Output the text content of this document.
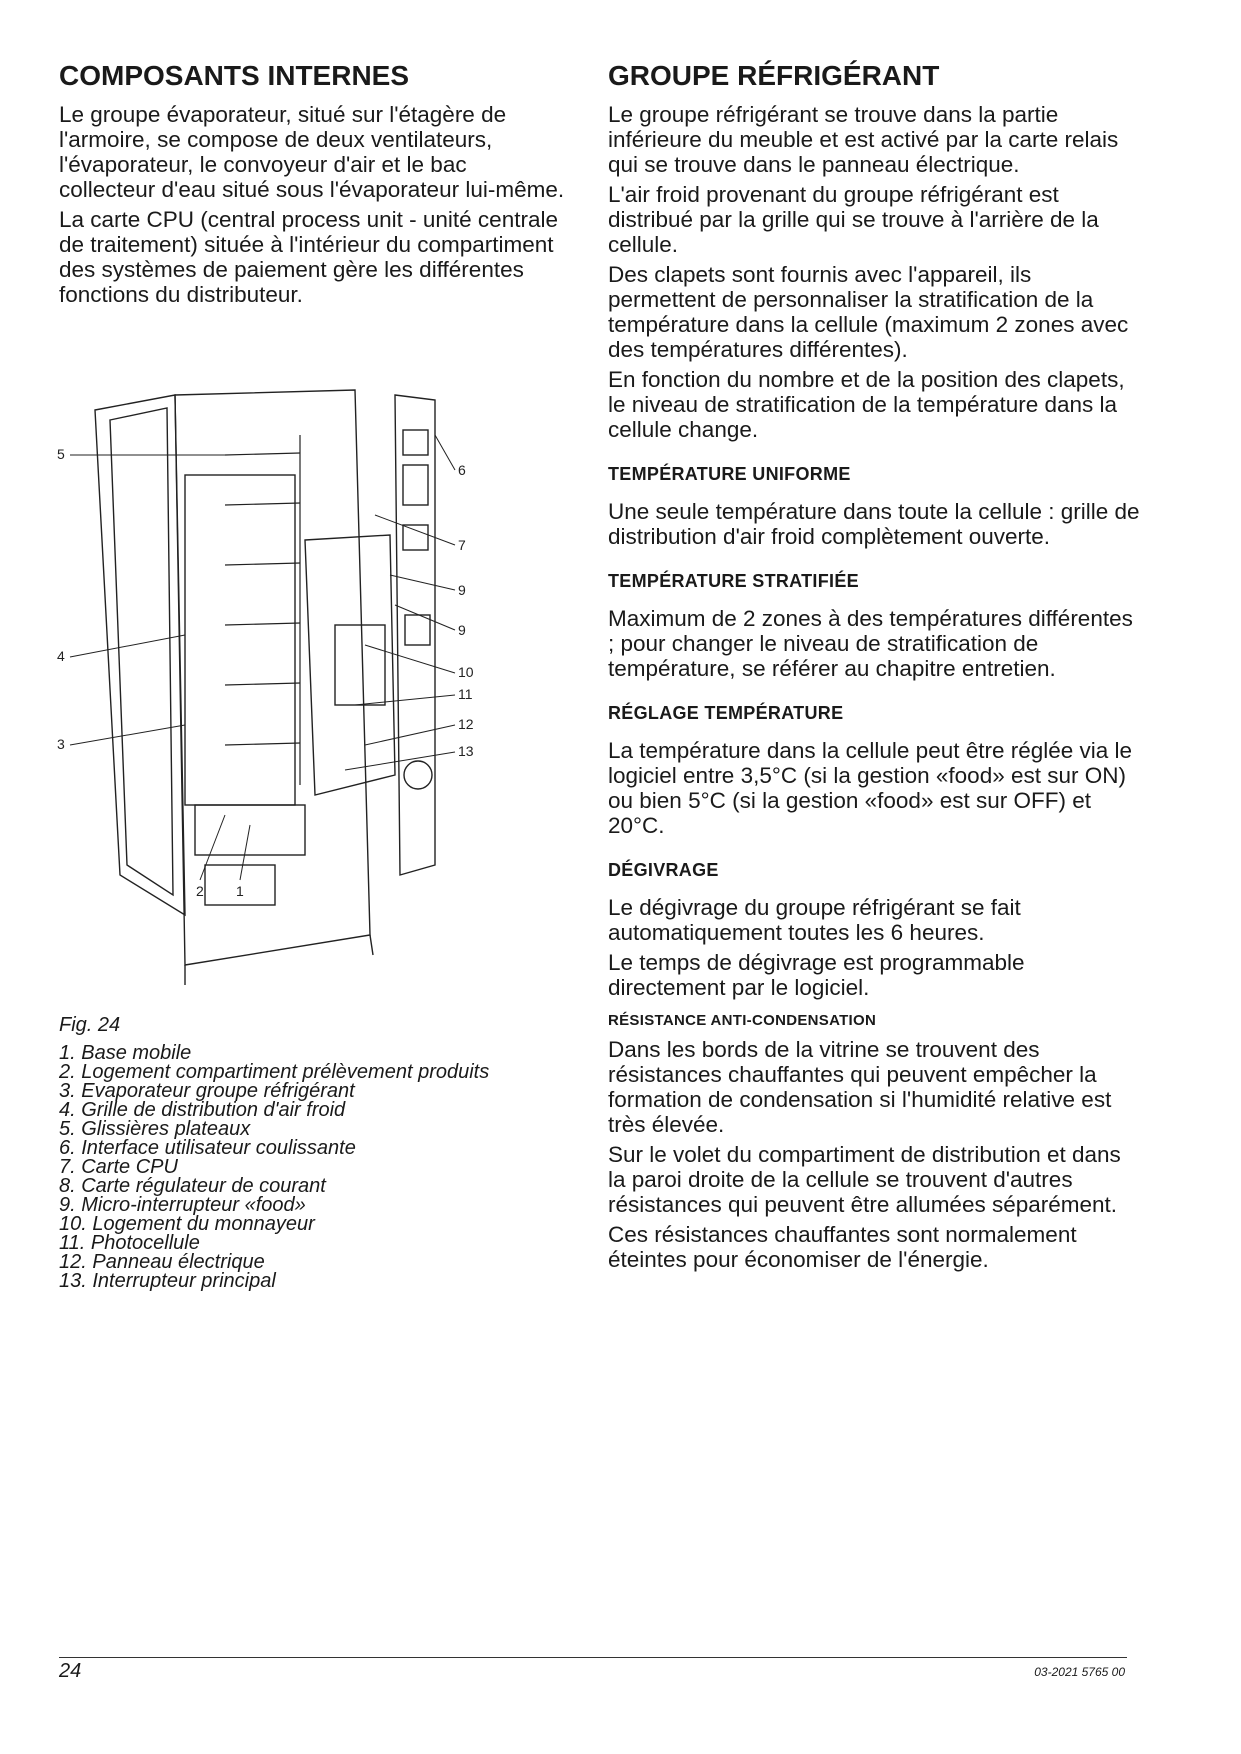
COMPOSANTS INTERNES

Le groupe évaporateur, situé sur l'étagère de l'armoire, se compose de deux ventilateurs, l'évaporateur, le convoyeur d'air et le bac collecteur d'eau situé sous l'évaporateur lui-même.

La carte CPU (central process unit - unité centrale de traitement) située à l'intérieur du compartiment des systèmes de paiement gère les différentes fonctions du distributeur.

5
4
3
6
7
9
9
10
11
12
13
2 1

Fig. 24

1. Base mobile
2. Logement compartiment prélèvement produits
3. Evaporateur groupe réfrigérant
4. Grille de distribution d'air froid
5. Glissières plateaux
6. Interface utilisateur coulissante
7. Carte CPU
8. Carte régulateur de courant
9. Micro-interrupteur «food»
10. Logement du monnayeur
11. Photocellule
12. Panneau électrique
13. Interrupteur principal
GROUPE RÉFRIGÉRANT

Le groupe réfrigérant se trouve dans la partie inférieure du meuble et est activé par la carte relais qui se trouve dans le panneau électrique.

L'air froid provenant du groupe réfrigérant est distribué par la grille qui se trouve à l'arrière de la cellule.

Des clapets sont fournis avec l'appareil, ils permettent de personnaliser la stratification de la température dans la cellule (maximum 2 zones avec des températures différentes).

En fonction du nombre et de la position des clapets, le niveau de stratification de la température dans la cellule change.

TEMPÉRATURE UNIFORME

Une seule température dans toute la cellule : grille de distribution d'air froid complètement ouverte.

TEMPÉRATURE STRATIFIÉE

Maximum de 2 zones à des températures différentes ; pour changer le niveau de stratification de température, se référer au chapitre entretien.

RÉGLAGE TEMPÉRATURE

La température dans la cellule peut être réglée via le logiciel entre 3,5°C (si la gestion «food» est sur ON) ou bien 5°C (si la gestion «food» est sur OFF) et 20°C.

DÉGIVRAGE

Le dégivrage du groupe réfrigérant se fait automatiquement toutes les 6 heures.

Le temps de dégivrage est programmable directement par le logiciel.

RÉSISTANCE ANTI-CONDENSATION

Dans les bords de la vitrine se trouvent des résistances chauffantes qui peuvent empêcher la formation de condensation si l'humidité relative est très élevée.

Sur le volet du compartiment de distribution et dans la paroi droite de la cellule se trouvent d'autres résistances qui peuvent être allumées séparément.

Ces résistances chauffantes sont normalement éteintes pour économiser de l'énergie.

24	03-2021 5765 00
